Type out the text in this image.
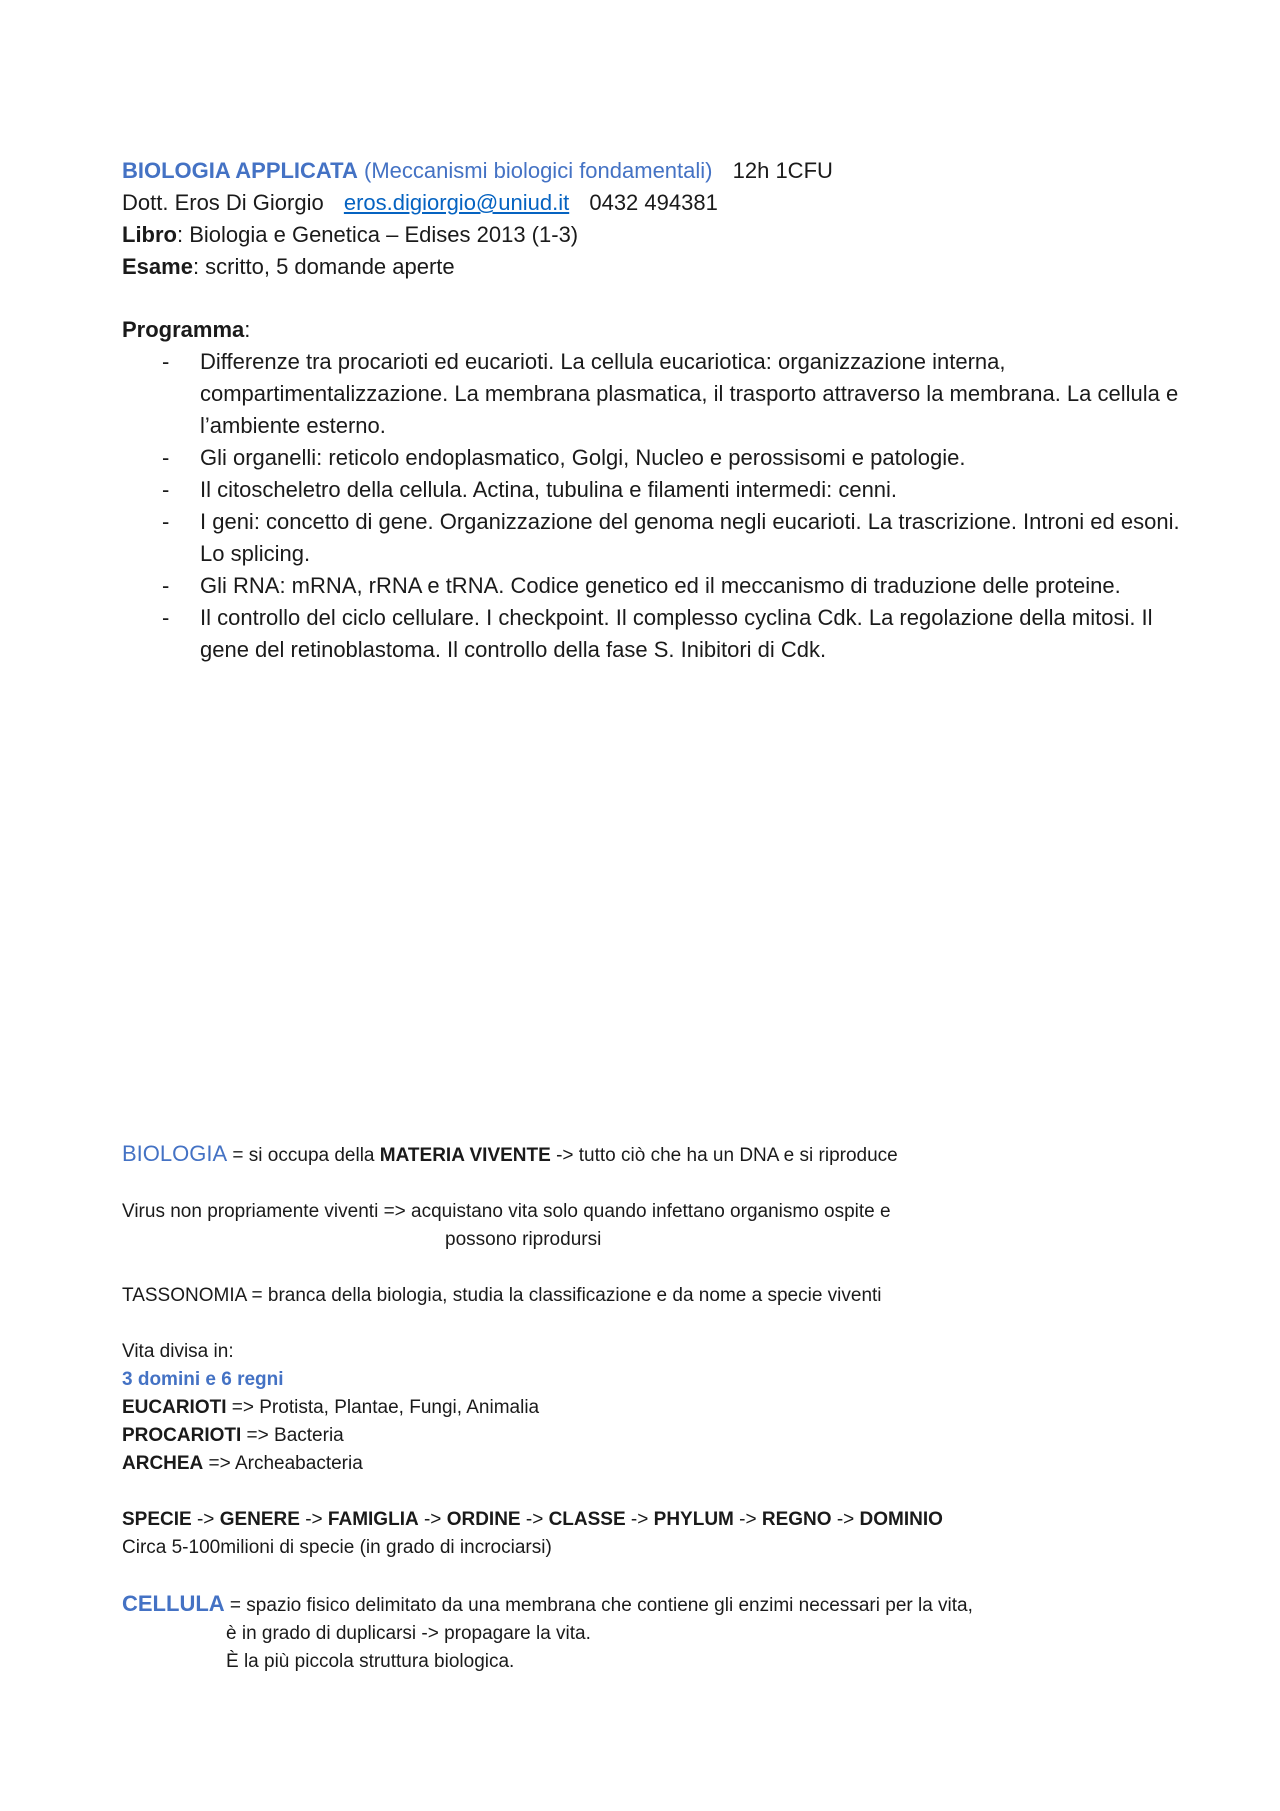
BIOLOGIA APPLICATA (Meccanismi biologici fondamentali) 12h 1CFU
Dott. Eros Di Giorgio eros.digiorgio@uniud.it 0432 494381
Libro: Biologia e Genetica – Edises 2013 (1-3)
Esame: scritto, 5 domande aperte
Programma:
- Differenze tra procarioti ed eucarioti. La cellula eucariotica: organizzazione interna, compartimentalizzazione. La membrana plasmatica, il trasporto attraverso la membrana. La cellula e l’ambiente esterno.
- Gli organelli: reticolo endoplasmatico, Golgi, Nucleo e perossisomi e patologie.
- Il citoscheletro della cellula. Actina, tubulina e filamenti intermedi: cenni.
- I geni: concetto di gene. Organizzazione del genoma negli eucarioti. La trascrizione. Introni ed esoni. Lo splicing.
- Gli RNA: mRNA, rRNA e tRNA. Codice genetico ed il meccanismo di traduzione delle proteine.
- Il controllo del ciclo cellulare. I checkpoint. Il complesso cyclina Cdk. La regolazione della mitosi. Il gene del retinoblastoma. Il controllo della fase S. Inibitori di Cdk.

BIOLOGIA = si occupa della MATERIA VIVENTE -> tutto ciò che ha un DNA e si riproduce

Virus non propriamente viventi => acquistano vita solo quando infettano organismo ospite e

possono riprodursi

TASSONOMIA = branca della biologia, studia la classificazione e da nome a specie viventi

Vita divisa in:

3 domini e 6 regni

EUCARIOTI => Protista, Plantae, Fungi, Animalia

PROCARIOTI => Bacteria

ARCHEA => Archeabacteria

SPECIE -> GENERE -> FAMIGLIA -> ORDINE -> CLASSE -> PHYLUM -> REGNO -> DOMINIO

Circa 5-100milioni di specie (in grado di incrociarsi)

CELLULA = spazio fisico delimitato da una membrana che contiene gli enzimi necessari per la vita,

è in grado di duplicarsi -> propagare la vita.

È la più piccola struttura biologica.
